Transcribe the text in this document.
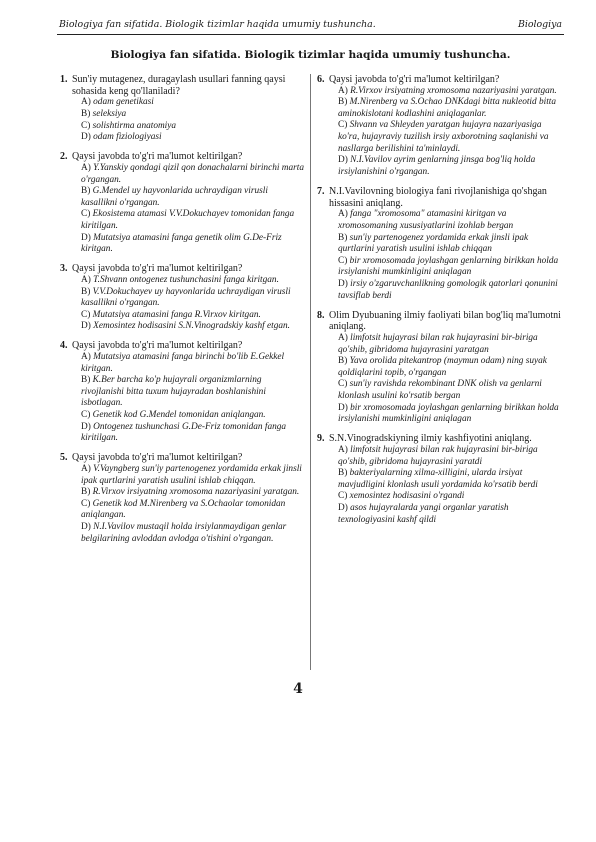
Biologiya fan sifatida. Biologik tizimlar haqida umumiy tushuncha.	Biologiya
Biologiya fan sifatida. Biologik tizimlar haqida umumiy tushuncha.
1. Sun'iy mutagenez, duragaylash usullari fanning qaysi sohasida keng qo'llaniladi?
A) odam genetikasi
B) seleksiya
C) solishtirma anatomiya
D) odam fiziologiyasi
2. Qaysi javobda to'g'ri ma'lumot keltirilgan?
A) Y.Yanskiy qondagi qizil qon donachalarni birinchi marta o'rgangan.
B) G.Mendel uy hayvonlarida uchraydigan virusli kasallikni o'rgangan.
C) Ekosistema atamasi V.V.Dokuchayev tomonidan fanga kiritilgan.
D) Mutatsiya atamasini fanga genetik olim G.De-Friz kiritgan.
3. Qaysi javobda to'g'ri ma'lumot keltirilgan?
A) T.Shvann ontogenez tushunchasini fanga kiritgan.
B) V.V.Dokuchayev uy hayvonlarida uchraydigan virusli kasallikni o'rgangan.
C) Mutatsiya atamasini fanga R.Virxov kiritgan.
D) Xemosintez hodisasini S.N.Vinogradskiy kashf etgan.
4. Qaysi javobda to'g'ri ma'lumot keltirilgan?
A) Mutatsiya atamasini fanga birinchi bo'lib E.Gekkel kiritgan.
B) K.Ber barcha ko'p hujayrali organizmlarning rivojlanishi bitta tuxum hujayradan boshlanishini isbotlagan.
C) Genetik kod G.Mendel tomonidan aniqlangan.
D) Ontogenez tushunchasi G.De-Friz tomonidan fanga kiritilgan.
5. Qaysi javobda to'g'ri ma'lumot keltirilgan?
A) V.Vayngberg sun'iy partenogenez yordamida erkak jinsli ipak qurtlarini yaratish usulini ishlab chiqqan.
B) R.Virxov irsiyatning xromosoma nazariyasini yaratgan.
C) Genetik kod M.Nirenberg va S.Ochaolar tomonidan aniqlangan.
D) N.I.Vavilov mustaqil holda irsiylanmaydigan genlar belgilarining avloddan avlodga o'tishini o'rgangan.
6. Qaysi javobda to'g'ri ma'lumot keltirilgan?
A) R.Virxov irsiyatning xromosoma nazariyasini yaratgan.
B) M.Nirenberg va S.Ochao DNKdagi bitta nukleotid bitta aminokislotani kodlashini aniqlaganlar.
C) Shvann va Shleyden yaratgan hujayra nazariyasiga ko'ra, hujayraviy tuzilish irsiy axborotning saqlanishi va nasllarga berilishini ta'minlaydi.
D) N.I.Vavilov ayrim genlarning jinsga bog'liq holda irsiylanishini o'rgangan.
7. N.I.Vavilovning biologiya fani rivojlanishiga qo'shgan hissasini aniqlang.
A) fanga "xromosoma" atamasini kiritgan va xromosomaning xususiyatlarini izohlab bergan
B) sun'iy partenogenez yordamida erkak jinsli ipak qurtlarini yaratish usulini ishlab chiqqan
C) bir xromosomada joylashgan genlarning birikkan holda irsiylanishi mumkinligini aniqlagan
D) irsiy o'zgaruvchanlikning gomologik qatorlari qonunini tavsiflab berdi
8. Olim Dyubuaning ilmiy faoliyati bilan bog'liq ma'lumotni aniqlang.
A) limfotsit hujayrasi bilan rak hujayrasini bir-biriga qo'shib, gibridoma hujayrasini yaratgan
B) Yava orolida pitekantrop (maymun odam) ning suyak qoldiqlarini topib, o'rgangan
C) sun'iy ravishda rekombinant DNK olish va genlarni klonlash usulini ko'rsatib bergan
D) bir xromosomada joylashgan genlarning birikkan holda irsiylanishi mumkinligini aniqlagan
9. S.N.Vinogradskiyning ilmiy kashfiyotini aniqlang.
A) limfotsit hujayrasi bilan rak hujayrasini bir-biriga qo'shib, gibridoma hujayrasini yaratdi
B) bakteriyalarning xilma-xilligini, ularda irsiyat mavjudligini klonlash usuli yordamida ko'rsatib berdi
C) xemosintez hodisasini o'rgandi
D) asos hujayralarda yangi organlar yaratish texnologiyasini kashf qildi
4
